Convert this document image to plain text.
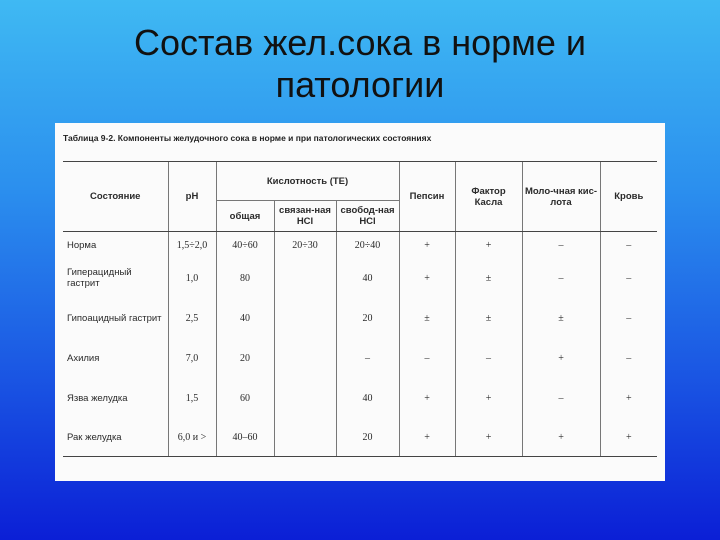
Состав жел.сока в норме и
патологии
Таблица 9-2. Компоненты желудочного сока в норме и при патологических состояниях
Состояние	pH	Кислотность (ТЕ)			Пепсин	Фактор Касла	Моло-чная кис-лота	Кровь
		общая	связан-ная HCl	свобод-ная HCl				
Норма	1,5÷2,0	40÷60	20÷30	20÷40	+	+	–	–
Гиперацидный гастрит	1,0	80		40	+	±	–	–
Гипоацидный гастрит	2,5	40		20	±	±	±	–
Ахилия	7,0	20		–	–	–	+	–
Язва желудка	1,5	60		40	+	+	–	+
Рак желудка	6,0 и >	40–60		20	+	+	+	+
